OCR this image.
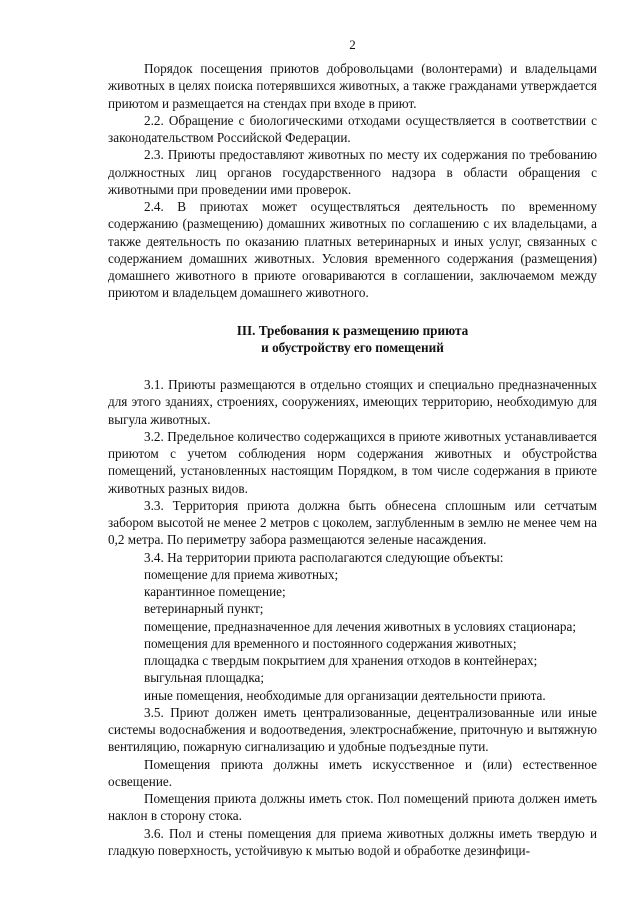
2

Порядок посещения приютов добровольцами (волонтерами) и владельцами животных в целях поиска потерявшихся животных, а также гражданами утверждается приютом и размещается на стендах при входе в приют.

2.2. Обращение с биологическими отходами осуществляется в соответствии с законодательством Российской Федерации.

2.3. Приюты предоставляют животных по месту их содержания по требованию должностных лиц органов государственного надзора в области обращения с животными при проведении ими проверок.

2.4. В приютах может осуществляться деятельность по временному содержанию (размещению) домашних животных по соглашению с их владельцами, а также деятельность по оказанию платных ветеринарных и иных услуг, связанных с содержанием домашних животных. Условия временного содержания (размещения) домашнего животного в приюте оговариваются в соглашении, заключаемом между приютом и владельцем домашнего животного.

III. Требования к размещению приюта
и обустройству его помещений

3.1. Приюты размещаются в отдельно стоящих и специально предназначенных для этого зданиях, строениях, сооружениях, имеющих территорию, необходимую для выгула животных.

3.2. Предельное количество содержащихся в приюте животных устанавливается приютом с учетом соблюдения норм содержания животных и обустройства помещений, установленных настоящим Порядком, в том числе содержания в приюте животных разных видов.

3.3. Территория приюта должна быть обнесена сплошным или сетчатым забором высотой не менее 2 метров с цоколем, заглубленным в землю не менее чем на 0,2 метра. По периметру забора размещаются зеленые насаждения.

3.4. На территории приюта располагаются следующие объекты:

помещение для приема животных;

карантинное помещение;

ветеринарный пункт;

помещение, предназначенное для лечения животных в условиях стационара;

помещения для временного и постоянного содержания животных;

площадка с твердым покрытием для хранения отходов в контейнерах;

выгульная площадка;

иные помещения, необходимые для организации деятельности приюта.

3.5. Приют должен иметь централизованные, децентрализованные или иные системы водоснабжения и водоотведения, электроснабжение, приточную и вытяжную вентиляцию, пожарную сигнализацию и удобные подъездные пути.

Помещения приюта должны иметь искусственное и (или) естественное освещение.

Помещения приюта должны иметь сток. Пол помещений приюта должен иметь наклон в сторону стока.

3.6. Пол и стены помещения для приема животных должны иметь твердую и гладкую поверхность, устойчивую к мытью водой и обработке дезинфици-
